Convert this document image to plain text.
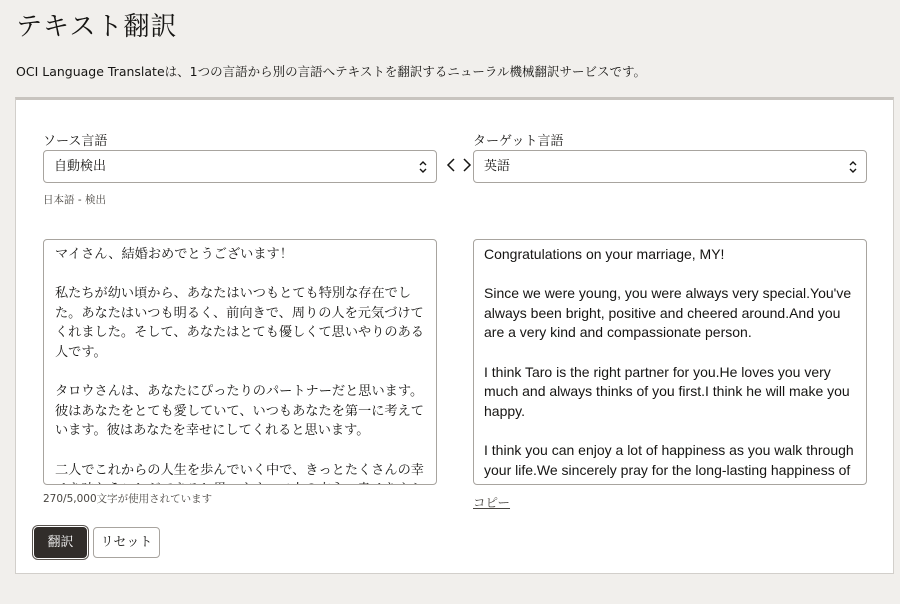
テキスト翻訳
OCI Language Translateは、1つの言語から別の言語へテキストを翻訳するニューラル機械翻訳サービスです。
ソース言語
自動検出
ターゲット言語
英語
日本語 - 検出

マイさん、結婚おめでとうございます！

私たちが幼い頃から、あなたはいつもとても特別な存在でした。あなたはいつも明るく、前向きで、周りの人を元気づけてくれました。そして、あなたはとても優しくて思いやりのある人です。

タロウさんは、あなたにぴったりのパートナーだと思います。彼はあなたをとても愛していて、いつもあなたを第一に考えています。彼はあなたを幸せにしてくれると思います。

二人でこれからの人生を歩んでいく中で、きっとたくさんの幸

Congratulations on your marriage, MY!

Since we were young, you were always very special.You've always been bright, positive and cheered around.And you are a very kind and compassionate person.

I think Taro is the right partner for you.He loves you very much and always thinks of you first.I think he will make you happy.

I think you can enjoy a lot of happiness as you walk through your life.We sincerely pray for the long-lasting happiness of

270/5,000文字が使用されています	コピー
翻訳	リセット
